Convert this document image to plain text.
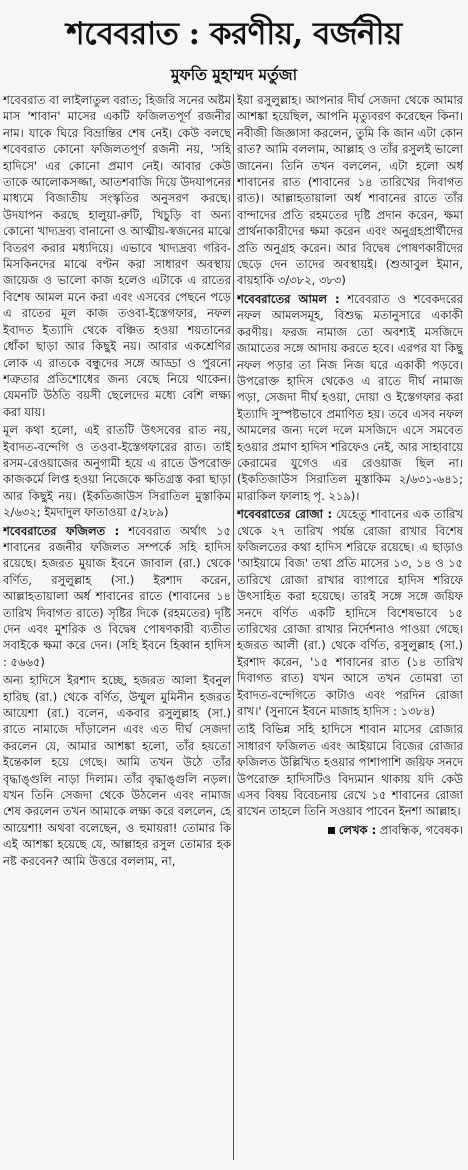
শবেবরাত : করণীয়, বর্জনীয়
মুফতি মুহাম্মদ মর্তুজা

শবেবরাত বা লাইলাতুল বরাত; হিজরি সনের অষ্টম মাস 'শাবান' মাসের একটি ফজিলতপূর্ণ রজনীর নাম। যাকে ঘিরে বিভ্রান্তির শেষ নেই। কেউ বলছে শবেবরাত কোনো ফজিলতপূর্ণ রজনী নয়, 'সহি হাদিসে' এর কোনো প্রমাণ নেই। আবার কেউ তাকে আলোকসজ্জা, আতশবাজি দিয়ে উদযাপনের মাধ্যমে বিজাতীয় সংস্কৃতির অনুসরণ করছে। উদযাপন করছে হালুয়া-রুটি, খিচুড়ি বা অন্য কোনো খাদ্যদ্রব্য বানানো ও আত্মীয়-স্বজনের মাঝে বিতরণ করার মধ্যদিয়ে। এভাবে খাদ্যদ্রব্য গরিব-মিসকিনদের মাঝে বণ্টন করা সাধারণ অবস্থায় জায়েজ ও ভালো কাজ হলেও এটাকে এ রাতের বিশেষ আমল মনে করা এবং এসবের পেছনে পড়ে এ রাতের মূল কাজ তওবা-ইস্তেগফার, নফল ইবাদত ইত্যাদি থেকে বঞ্চিত হওয়া শয়তানের ধোঁকা ছাড়া আর কিছুই নয়। আবার একশ্রেণির লোক এ রাতকে বন্ধুদের সঙ্গে আড্ডা ও পুরনো শত্রুতার প্রতিশোধের জন্য বেছে নিয়ে থাকেন। যেমনটি উঠতি বয়সী ছেলেদের মধ্যে বেশি লক্ষ্য করা যায়।

মূল কথা হলো, এই রাতটি উৎসবের রাত নয়, ইবাদত-বন্দেগি ও তওবা-ইস্তেগফারের রাত। তাই রসম-রেওয়াজের অনুগামী হয়ে এ রাতে উপরোক্ত কাজকর্মে লিপ্ত হওয়া নিজেকে ক্ষতিগ্রস্ত করা ছাড়া আর কিছুই নয়। (ইকতিজাউস সিরাতিল মুস্তাকিম ২/৬৩২; ইমদাদুল ফাতাওয়া ৫/২৮৯)

শবেবরাতের ফজিলত : শবেবরাত অর্থাৎ ১৫ শাবানের রজনীর ফজিলত সম্পর্কে সহি হাদিস রয়েছে। হজরত মুয়াজ ইবনে জাবাল (রা.) থেকে বর্ণিত, রসুলুল্লাহ (সা.) ইরশাদ করেন, আল্লাহতায়ালা অর্ধ শাবানের রাতে (শাবানের ১৪ তারিখ দিবাগত রাতে) সৃষ্টির দিকে (রহমতের) দৃষ্টি দেন এবং মুশরিক ও বিদ্বেষ পোষণকারী ব্যতীত সবাইকে ক্ষমা করে দেন। (সহি ইবনে হিব্বান হাদিস : ৫৬৬৫)

অন্য হাদিসে ইরশাদ হচ্ছে, হজরত আলা ইবনুল হারিছ (রা.) থেকে বর্ণিত, উম্মুল মুমিনীন হজরত আয়েশা (রা.) বলেন, একবার রসুলুল্লাহ (সা.) রাতে নামাজে দাঁড়ালেন এবং এত দীর্ঘ সেজদা করলেন যে, আমার আশঙ্কা হলো, তাঁর হয়তো ইন্তেকাল হয়ে গেছে। আমি তখন উঠে তাঁর বৃদ্ধাঙ্গুলি নাড়া দিলাম। তাঁর বৃদ্ধাঙ্গুলি নড়ল। যখন তিনি সেজদা থেকে উঠলেন এবং নামাজ শেষ করলেন তখন আমাকে লক্ষ্য করে বললেন, হে আয়েশা! অথবা বলেছেন, ও হুমায়রা! তোমার কি এই আশঙ্কা হয়েছে যে, আল্লাহর রসুল তোমার হক নষ্ট করবেন? আমি উত্তরে বললাম, না,

ইয়া রসুলুল্লাহ। আপনার দীর্ঘ সেজদা থেকে আমার আশঙ্কা হয়েছিল, আপনি মৃত্যুবরণ করেছেন কিনা। নবীজী জিজ্ঞাসা করলেন, তুমি কি জান এটা কোন রাত? আমি বললাম, আল্লাহ ও তাঁর রসুলই ভালো জানেন। তিনি তখন বললেন, এটা হলো অর্ধ শাবানের রাত (শাবানের ১৪ তারিখের দিবাগত রাত)। আল্লাহতায়ালা অর্ধ শাবানের রাতে তাঁর বান্দাদের প্রতি রহমতের দৃষ্টি প্রদান করেন, ক্ষমা প্রার্থনাকারীদের ক্ষমা করেন এবং অনুগ্রহপ্রার্থীদের প্রতি অনুগ্রহ করেন। আর বিদ্বেষ পোষণকারীদের ছেড়ে দেন তাদের অবস্থায়ই। (শুআবুল ইমান, বায়হাকি ৩/৩৮২, ৩৮৩)

শবেবরাতের আমল : শবেবরাত ও শবেকদরের নফল আমলসমূহ, বিশুদ্ধ মতানুসারে একাকী করণীয়। ফরজ নামাজ তো অবশ্যই মসজিদে জামাতের সঙ্গে আদায় করতে হবে। এরপর যা কিছু নফল পড়ার তা নিজ নিজ ঘরে একাকী পড়বে। উপরোক্ত হাদিস থেকেও এ রাতে দীর্ঘ নামাজ পড়া, সেজদা দীর্ঘ হওয়া, দোয়া ও ইস্তেগফার করা ইত্যাদি সুস্পষ্টভাবে প্রমাণিত হয়। তবে এসব নফল আমলের জন্য দলে দলে মসজিদে এসে সমবেত হওয়ার প্রমাণ হাদিস শরিফেও নেই, আর সাহাবায়ে কেরামের যুগেও এর রেওয়াজ ছিল না। (ইকতিজাউস সিরাতিল মুস্তাকিম ২/৬৩১-৬৪১; মারাকিল ফালাহ পৃ. ২১৯)।

শবেবরাতের রোজা : যেহেতু শাবানের এক তারিখ থেকে ২৭ তারিখ পর্যন্ত রোজা রাখার বিশেষ ফজিলতের কথা হাদিস শরিফে রয়েছে। এ ছাড়াও 'আইয়ামে বিজ' তথা প্রতি মাসের ১৩, ১৪ ও ১৫ তারিখে রোজা রাখার ব্যাপারে হাদিস শরিফে উৎসাহিত করা হয়েছে। তারই সঙ্গে সঙ্গে জয়িফ সনদে বর্ণিত একটি হাদিসে বিশেষভাবে ১৫ তারিখের রোজা রাখার নির্দেশনাও পাওয়া গেছে। হজরত আলী (রা.) থেকে বর্ণিত, রসুলুল্লাহ (সা.) ইরশাদ করেন, '১৫ শাবানের রাত (১৪ তারিখ দিবাগত রাত) যখন আসে তখন তোমরা তা ইবাদত-বন্দেগিতে কাটাও এবং পরদিন রোজা রাখ।' (সুনানে ইবনে মাজাহ হাদিস : ১৩৮৪)

তাই বিভিন্ন সহি হাদিসে শাবান মাসের রোজার সাধারণ ফজিলত এবং আইয়ামে বিজের রোজার ফজিলত উল্লিখিত হওয়ার পাশাপাশি জয়িফ সনদে উপরোক্ত হাদিসটিও বিদ্যমান থাকায় যদি কেউ এসব বিষয় বিবেচনায় রেখে ১৫ শাবানের রোজা রাখেন তাহলে তিনি সওয়াব পাবেন ইনশা আল্লাহ।

লেখক : প্রাবন্ধিক, গবেষক।
